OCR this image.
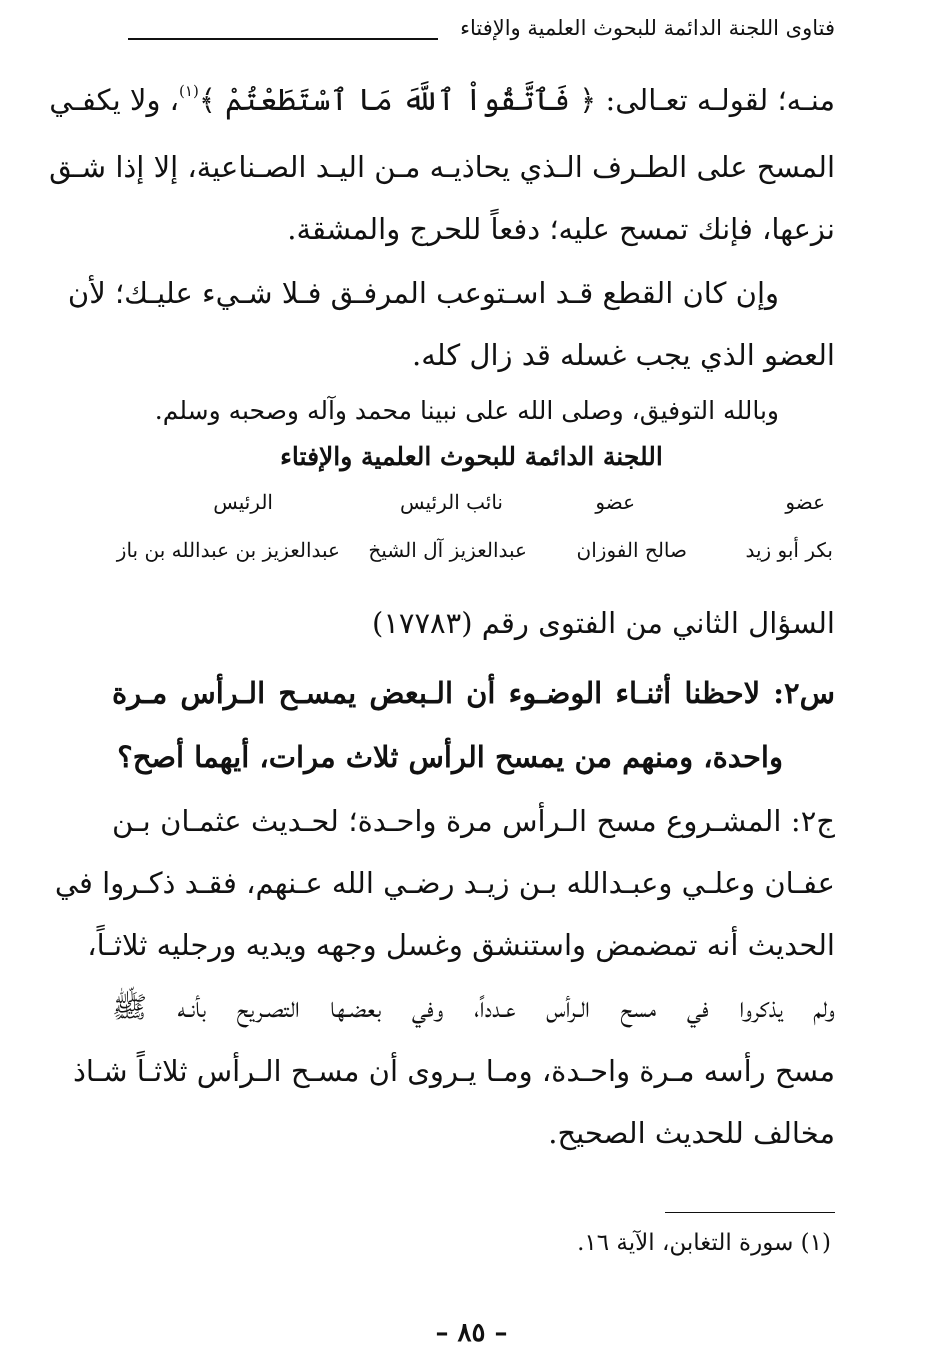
فتاوى اللجنة الدائمة للبحوث العلمية والإفتاء
منـه؛ لقولـه تعـالى: ﴿ فَٱتَّقُواْ ٱللَّهَ مَا ٱسْتَطَعْتُمْ ﴾$^{(١)}$، ولا يكفـي
المسح على الطـرف الـذي يحاذيـه مـن اليـد الصـناعية، إلا إذا شـق
نزعها، فإنك تمسح عليه؛ دفعاً للحرج والمشقة.
وإن كان القطع قـد اسـتوعب المرفـق فـلا شـيء عليـك؛ لأن
العضو الذي يجب غسله قد زال كله.
وبالله التوفيق، وصلى الله على نبينا محمد وآله وصحبه وسلم.
اللجنة الدائمة للبحوث العلمية والإفتاء
عضو
عضو
نائب الرئيس
الرئيس
بكر أبو زيد
صالح الفوزان
عبدالعزيز آل الشيخ
عبدالعزيز بن عبدالله بن باز
السؤال الثاني من الفتوى رقم (١٧٧٨٣)
س٢: لاحظنا أثنـاء الوضـوء أن الـبعض يمسـح الـرأس مـرة
واحدة، ومنهم من يمسح الرأس ثلاث مرات، أيهما أصح؟
ج٢: المشـروع مسح الـرأس مرة واحـدة؛ لحـديث عثمـان بـن
عفـان وعلـي وعبـدالله بـن زيـد رضـي الله عـنهم، فقـد ذكـروا في
الحديث أنه تمضمض واستنشق وغسل وجهه ويديه ورجليه ثلاثـاً،
ولم يذكروا في مسح الـرأس عـدداً، وفي بعضـها التصـريح بأنـه ﷺ
مسح رأسه مـرة واحـدة، ومـا يـروى أن مسـح الـرأس ثلاثـاً شـاذ
مخالف للحديث الصحيح.
(١) سورة التغابن، الآية ١٦.
– ٨٥ –
